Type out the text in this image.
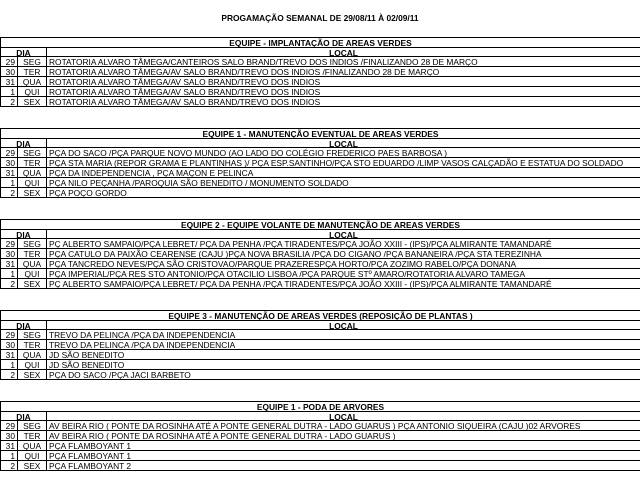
PROGAMAÇÃO SEMANAL DE 29/08/11 À 02/09/11
EQUIPE - IMPLANTAÇÃO DE AREAS VERDES
DIA	LOCAL
29 SEG ROTATORIA ALVARO TÂMEGA/CANTEIROS SALO BRAND/TREVO DOS INDIOS /FINALIZANDO 28 DE MARÇO
30	TER	ROTATORIA ALVARO TÂMEGA/AV SALO BRAND/TREVO DOS INDIOS /FINALIZANDO 28 DE MARÇO
31 QUA ROTATORIA ALVARO TÂMEGA/AV SALO BRAND/TREVO DOS INDIOS
1	QUI	ROTATORIA ALVARO TÂMEGA/AV SALO BRAND/TREVO DOS INDIOS
2	SEX	ROTATORIA ALVARO TÂMEGA/AV SALO BRAND/TREVO DOS INDIOS
EQUIPE 1 - MANUTENÇÃO EVENTUAL DE AREAS VERDES
DIA	LOCAL
29 SEG PÇA DO SACO /PÇA PARQUE NOVO MUNDO (AO LADO DO COLÉGIO FREDERICO PAES BARBOSA )
30	TER	PÇA STA MARIA (REPOR GRAMA E PLANTINHAS )/ PÇA ESP.SANTINHO/PÇA STO EDUARDO /LIMP VASOS CALÇADÃO E ESTATUA DO SOLDADO
31 QUA PÇA DA INDEPENDENCIA , PÇA MAÇON E PELINCA
1	QUI	PÇA NILO PEÇANHA /PAROQUIA SÃO BENEDITO / MONUMENTO SOLDADO
2	SEX	PÇA POÇO GORDO
EQUIPE 2 - EQUIPE VOLANTE DE MANUTENÇÃO DE AREAS VERDES
DIA	LOCAL
29 SEG PÇ ALBERTO SAMPAIO/PÇA LEBRET/ PÇA DA PENHA /PÇA TIRADENTES/PÇA JOÃO XXIII - (IPS)/PÇA ALMIRANTE TAMANDARÉ
30	TER	PÇA CATULO DA PAIXÃO CEARENSE (CAJU )PÇA NOVA BRASILIA /PÇA DO CIGANO /PÇA BANANEIRA /PÇA STA TEREZINHA
31 QUA PÇA TANCREDO NEVES/PÇA SÃO CRISTOVAO/PARQUE PRAZERESPÇA HORTO/PÇA ZOZIMO RABELO/PÇA DONANA
1	QUI	PÇA IMPERIAL/PÇA RES STO ANTONIO/PÇA OTACILIO LISBOA /PÇA PARQUE STº AMARO/ROTATORIA ALVARO TAMEGA
2	SEX	PÇ ALBERTO SAMPAIO/PÇA LEBRET/ PÇA DA PENHA /PÇA TIRADENTES/PÇA JOÃO XXIII - (IPS)/PÇA ALMIRANTE TAMANDARÉ
EQUIPE 3 - MANUTENÇÃO DE AREAS VERDES (REPOSIÇÃO DE PLANTAS )
DIA	LOCAL
29 SEG TREVO DA PELINCA /PÇA DA INDEPENDENCIA
30	TER	TREVO DA PELINCA /PÇA DA INDEPENDENCIA
31 QUA JD SÃO BENEDITO
1	QUI	JD SÃO BENEDITO
2	SEX	PÇA DO SACO /PÇA JACI BARBETO
EQUIPE 1 - PODA DE ARVORES
DIA	LOCAL
29 SEG AV BEIRA RIO ( PONTE DA ROSINHA ATÉ A PONTE GENERAL DUTRA - LADO GUARUS ) PÇA ANTONIO SIQUEIRA (CAJU )02 ARVORES
30	TER	AV BEIRA RIO ( PONTE DA ROSINHA ATÉ A PONTE GENERAL DUTRA - LADO GUARUS )
31 QUA PÇA FLAMBOYANT 1
1	QUI	PÇA FLAMBOYANT 1
2	SEX	PÇA FLAMBOYANT 2
